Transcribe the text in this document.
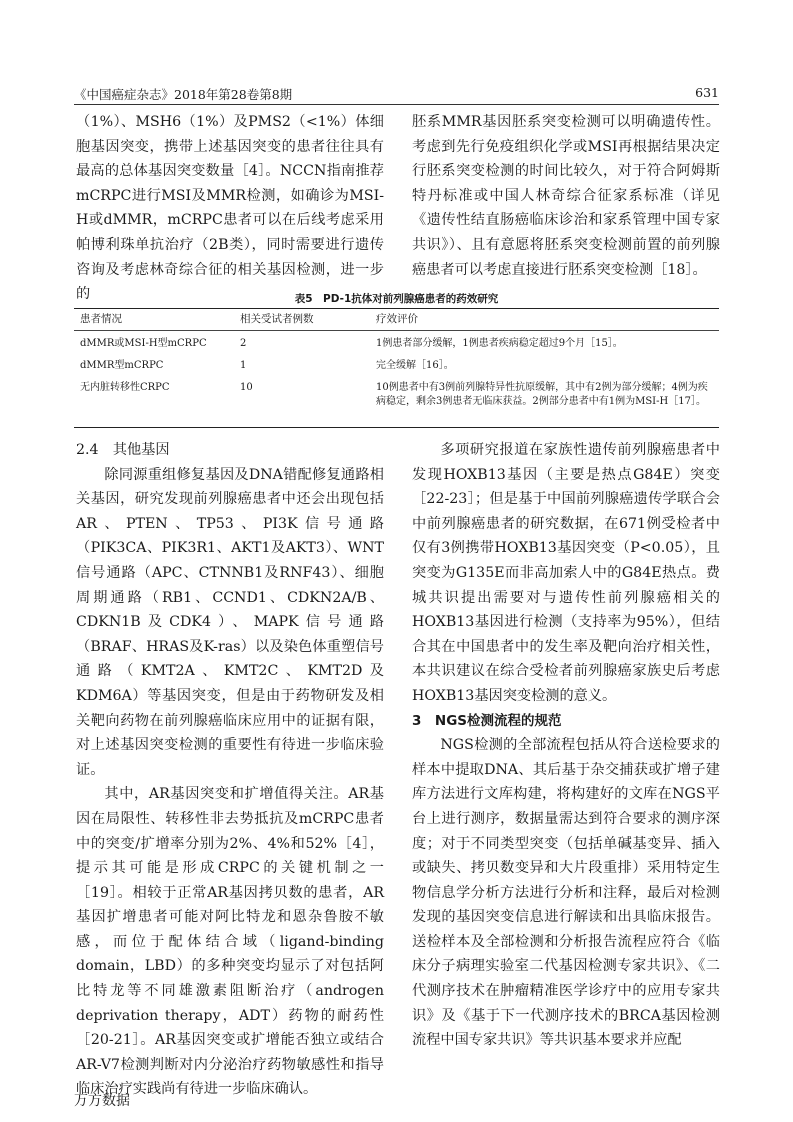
《中国癌症杂志》2018年第28卷第8期	631

（1%）、MSH6（1%）及PMS2（<1%）体细胞基因突变，携带上述基因突变的患者往往具有最高的总体基因突变数量［4］。NCCN指南推荐mCRPC进行MSI及MMR检测，如确诊为MSI-H或dMMR，mCRPC患者可以在后线考虑采用帕博利珠单抗治疗（2B类），同时需要进行遗传咨询及考虑林奇综合征的相关基因检测，进一步的

胚系MMR基因胚系突变检测可以明确遗传性。考虑到先行免疫组织化学或MSI再根据结果决定行胚系突变检测的时间比较久，对于符合阿姆斯特丹标准或中国人林奇综合征家系标准（详见《遗传性结直肠癌临床诊治和家系管理中国专家共识》）、且有意愿将胚系突变检测前置的前列腺癌患者可以考虑直接进行胚系突变检测［18］。

表5　PD-1抗体对前列腺癌患者的药效研究
患者情况	相关受试者例数	疗效评价
dMMR或MSI-H型mCRPC	2	1例患者部分缓解，1例患者疾病稳定超过9个月［15］。
dMMR型mCRPC	1	完全缓解［16］。
无内脏转移性CRPC	10	10例患者中有3例前列腺特异性抗原缓解，其中有2例为部分缓解；4例为疾病稳定，剩余3例患者无临床获益。2例部分患者中有1例为MSI-H［17］。

2.4　其他基因

除同源重组修复基因及DNA错配修复通路相关基因，研究发现前列腺癌患者中还会出现包括AR、PTEN、TP53、PI3K信号通路（PIK3CA、PIK3R1、AKT1及AKT3）、WNT信号通路（APC、CTNNB1及RNF43）、细胞周期通路（RB1、CCND1、CDKN2A/B、CDKN1B及CDK4）、MAPK信号通路（BRAF、HRAS及K-ras）以及染色体重塑信号通路（KMT2A、KMT2C、KMT2D及KDM6A）等基因突变，但是由于药物研发及相关靶向药物在前列腺癌临床应用中的证据有限，对上述基因突变检测的重要性有待进一步临床验证。

其中，AR基因突变和扩增值得关注。AR基因在局限性、转移性非去势抵抗及mCRPC患者中的突变/扩增率分别为2%、4%和52%［4］，提示其可能是形成CRPC的关键机制之一［19］。相较于正常AR基因拷贝数的患者，AR基因扩增患者可能对阿比特龙和恩杂鲁胺不敏感，而位于配体结合域（ligand-binding domain，LBD）的多种突变均显示了对包括阿比特龙等不同雄激素阻断治疗（androgen deprivation therapy，ADT）药物的耐药性［20-21］。AR基因突变或扩增能否独立或结合AR-V7检测判断对内分泌治疗药物敏感性和指导临床治疗实践尚有待进一步临床确认。

多项研究报道在家族性遗传前列腺癌患者中发现HOXB13基因（主要是热点G84E）突变［22-23］；但是基于中国前列腺癌遗传学联合会中前列腺癌患者的研究数据，在671例受检者中仅有3例携带HOXB13基因突变（P<0.05），且突变为G135E而非高加索人中的G84E热点。费城共识提出需要对与遗传性前列腺癌相关的HOXB13基因进行检测（支持率为95%），但结合其在中国患者中的发生率及靶向治疗相关性，本共识建议在综合受检者前列腺癌家族史后考虑HOXB13基因突变检测的意义。

3　NGS检测流程的规范

NGS检测的全部流程包括从符合送检要求的样本中提取DNA、其后基于杂交捕获或扩增子建库方法进行文库构建，将构建好的文库在NGS平台上进行测序，数据量需达到符合要求的测序深度；对于不同类型突变（包括单碱基变异、插入或缺失、拷贝数变异和大片段重排）采用特定生物信息学分析方法进行分析和注释，最后对检测发现的基因突变信息进行解读和出具临床报告。送检样本及全部检测和分析报告流程应符合《临床分子病理实验室二代基因检测专家共识》、《二代测序技术在肿瘤精准医学诊疗中的应用专家共识》及《基于下一代测序技术的BRCA基因检测流程中国专家共识》等共识基本要求并应配

万方数据
